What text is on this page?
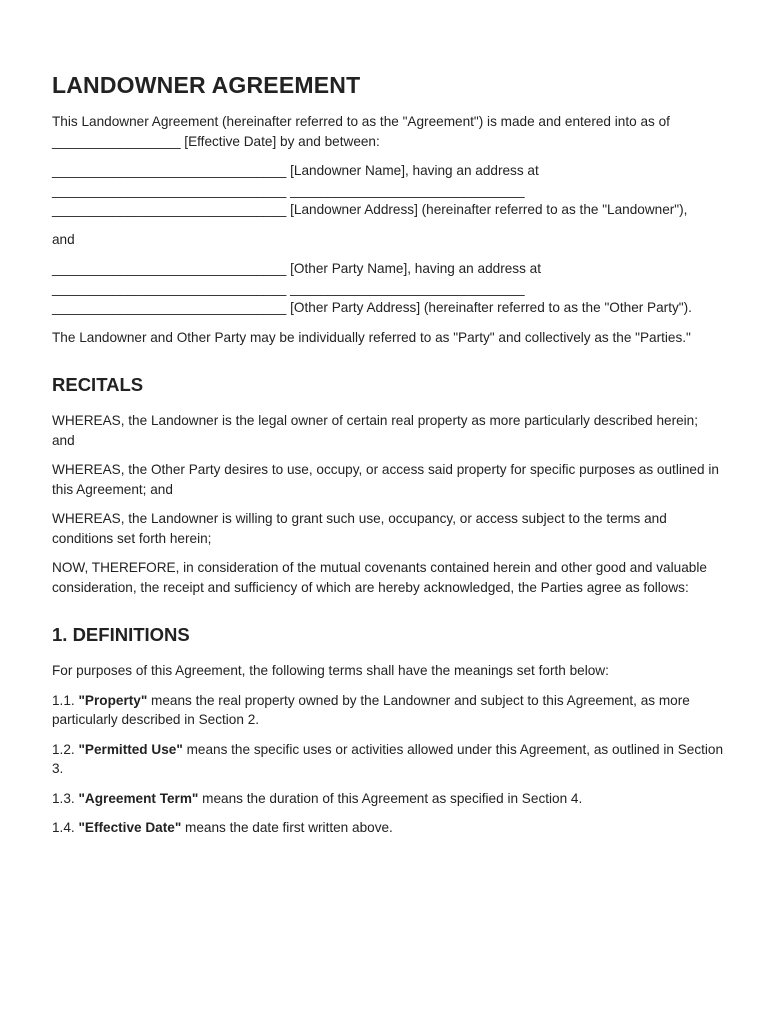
LANDOWNER AGREEMENT

This Landowner Agreement (hereinafter referred to as the "Agreement") is made and entered into as of _________________ [Effective Date] by and between:

_______________________________ [Landowner Name], having an address at

_______________________________ _______________________________

_______________________________ [Landowner Address] (hereinafter referred to as the "Landowner"),

and

_______________________________ [Other Party Name], having an address at

_______________________________ _______________________________

_______________________________ [Other Party Address] (hereinafter referred to as the "Other Party").

The Landowner and Other Party may be individually referred to as "Party" and collectively as the "Parties."

RECITALS

WHEREAS, the Landowner is the legal owner of certain real property as more particularly described herein; and

WHEREAS, the Other Party desires to use, occupy, or access said property for specific purposes as outlined in this Agreement; and

WHEREAS, the Landowner is willing to grant such use, occupancy, or access subject to the terms and conditions set forth herein;

NOW, THEREFORE, in consideration of the mutual covenants contained herein and other good and valuable consideration, the receipt and sufficiency of which are hereby acknowledged, the Parties agree as follows:

1. DEFINITIONS

For purposes of this Agreement, the following terms shall have the meanings set forth below:

1.1. "Property" means the real property owned by the Landowner and subject to this Agreement, as more particularly described in Section 2.

1.2. "Permitted Use" means the specific uses or activities allowed under this Agreement, as outlined in Section 3.

1.3. "Agreement Term" means the duration of this Agreement as specified in Section 4.

1.4. "Effective Date" means the date first written above.
